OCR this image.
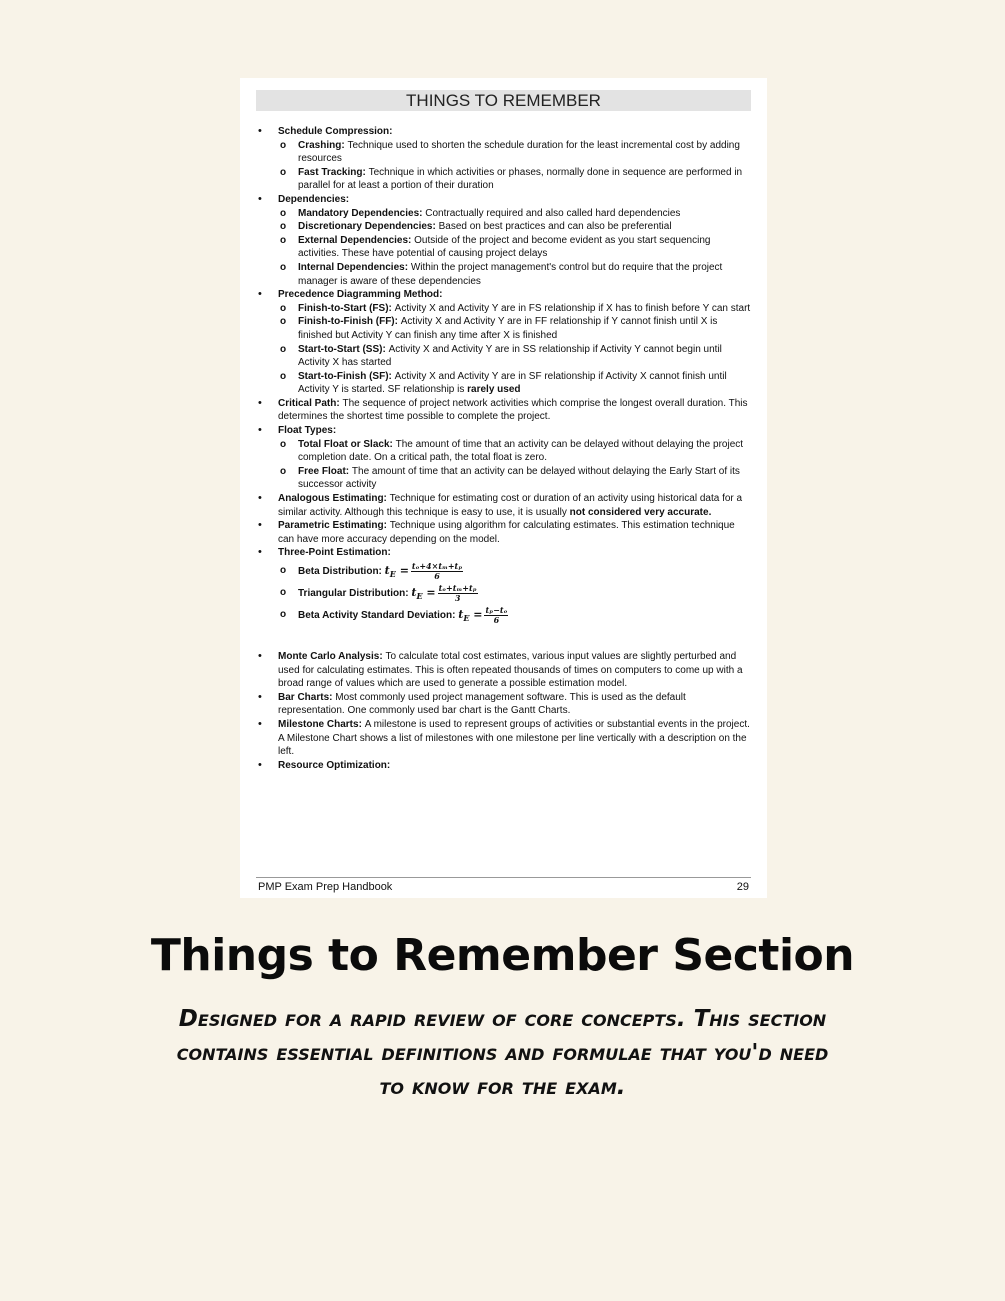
THINGS TO REMEMBER
• Schedule Compression:
o Crashing: Technique used to shorten the schedule duration for the least incremental cost by adding resources
o Fast Tracking: Technique in which activities or phases, normally done in sequence are performed in parallel for at least a portion of their duration
• Dependencies:
o Mandatory Dependencies: Contractually required and also called hard dependencies
o Discretionary Dependencies: Based on best practices and can also be preferential
o External Dependencies: Outside of the project and become evident as you start sequencing activities. These have potential of causing project delays
o Internal Dependencies: Within the project management's control but do require that the project manager is aware of these dependencies
• Precedence Diagramming Method:
o Finish-to-Start (FS): Activity X and Activity Y are in FS relationship if X has to finish before Y can start
o Finish-to-Finish (FF): Activity X and Activity Y are in FF relationship if Y cannot finish until X is finished but Activity Y can finish any time after X is finished
o Start-to-Start (SS): Activity X and Activity Y are in SS relationship if Activity Y cannot begin until Activity X has started
o Start-to-Finish (SF): Activity X and Activity Y are in SF relationship if Activity X cannot finish until Activity Y is started. SF relationship is rarely used
• Critical Path: The sequence of project network activities which comprise the longest overall duration. This determines the shortest time possible to complete the project.
• Float Types:
o Total Float or Slack: The amount of time that an activity can be delayed without delaying the project completion date. On a critical path, the total float is zero.
o Free Float: The amount of time that an activity can be delayed without delaying the Early Start of its successor activity
• Analogous Estimating: Technique for estimating cost or duration of an activity using historical data for a similar activity. Although this technique is easy to use, it is usually not considered very accurate.
• Parametric Estimating: Technique using algorithm for calculating estimates. This estimation technique can have more accuracy depending on the model.
• Three-Point Estimation:
o Beta Distribution: $t_E = \frac{\text{tₒ+4×tₘ+tₚ}}{6}$
o Triangular Distribution: $t_E = \frac{\text{tₒ+tₘ+tₚ}}{3}$
o Beta Activity Standard Deviation: $t_E = \frac{\text{tₚ−tₒ}}{6}$
• Monte Carlo Analysis: To calculate total cost estimates, various input values are slightly perturbed and used for calculating estimates. This is often repeated thousands of times on computers to come up with a broad range of values which are used to generate a possible estimation model.
• Bar Charts: Most commonly used project management software. This is used as the default representation. One commonly used bar chart is the Gantt Charts.
• Milestone Charts: A milestone is used to represent groups of activities or substantial events in the project. A Milestone Chart shows a list of milestones with one milestone per line vertically with a description on the left.
• Resource Optimization:
PMP Exam Prep Handbook	29
Things to Remember Section
Designed for a rapid review of core concepts. This section contains essential definitions and formulae that you'd need to know for the exam.
